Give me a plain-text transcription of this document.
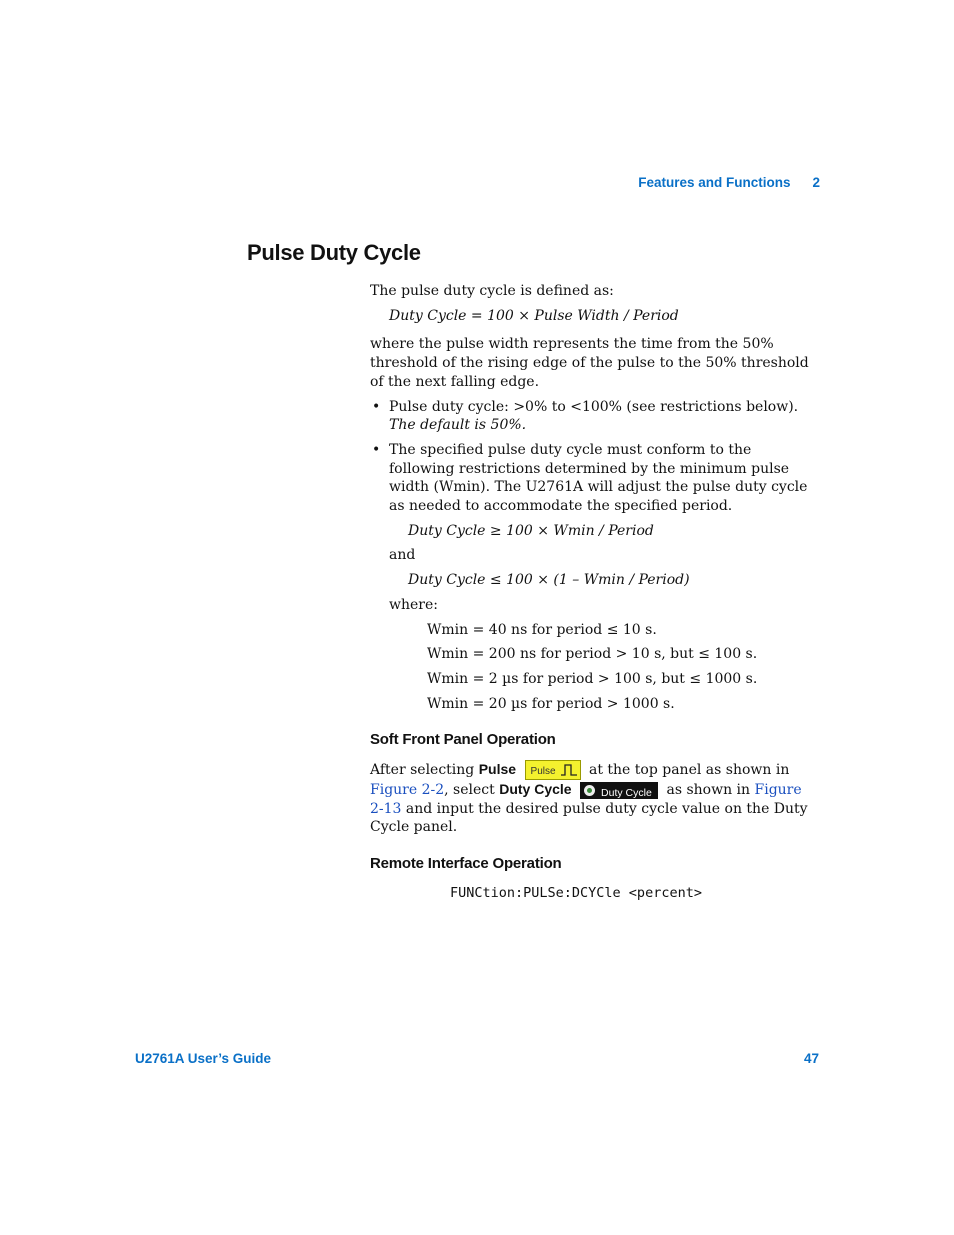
Features and Functions 2
Pulse Duty Cycle

The pulse duty cycle is defined as:

Duty Cycle = 100 × Pulse Width / Period

where the pulse width represents the time from the 50% threshold of the rising edge of the pulse to the 50% threshold of the next falling edge.

• Pulse duty cycle: >0% to <100% (see restrictions below). The default is 50%.
• The specified pulse duty cycle must conform to the following restrictions determined by the minimum pulse width (Wmin). The U2761A will adjust the pulse duty cycle as needed to accommodate the specified period.
Duty Cycle ≥ 100 × Wmin / Period
and
Duty Cycle ≤ 100 × (1 – Wmin / Period)
where:
Wmin = 40 ns for period ≤ 10 s.
Wmin = 200 ns for period > 10 s, but ≤ 100 s.
Wmin = 2 µs for period > 100 s, but ≤ 1000 s.
Wmin = 20 µs for period > 1000 s.
Soft Front Panel Operation

After selecting Pulse Pulse at the top panel as shown in Figure 2-2, select Duty Cycle	Duty Cycle as shown in Figure 2-13 and input the desired pulse duty cycle value on the Duty Cycle panel.

Remote Interface Operation
FUNCtion:PULSe:DCYCle <percent>
U2761A User’s Guide	47
